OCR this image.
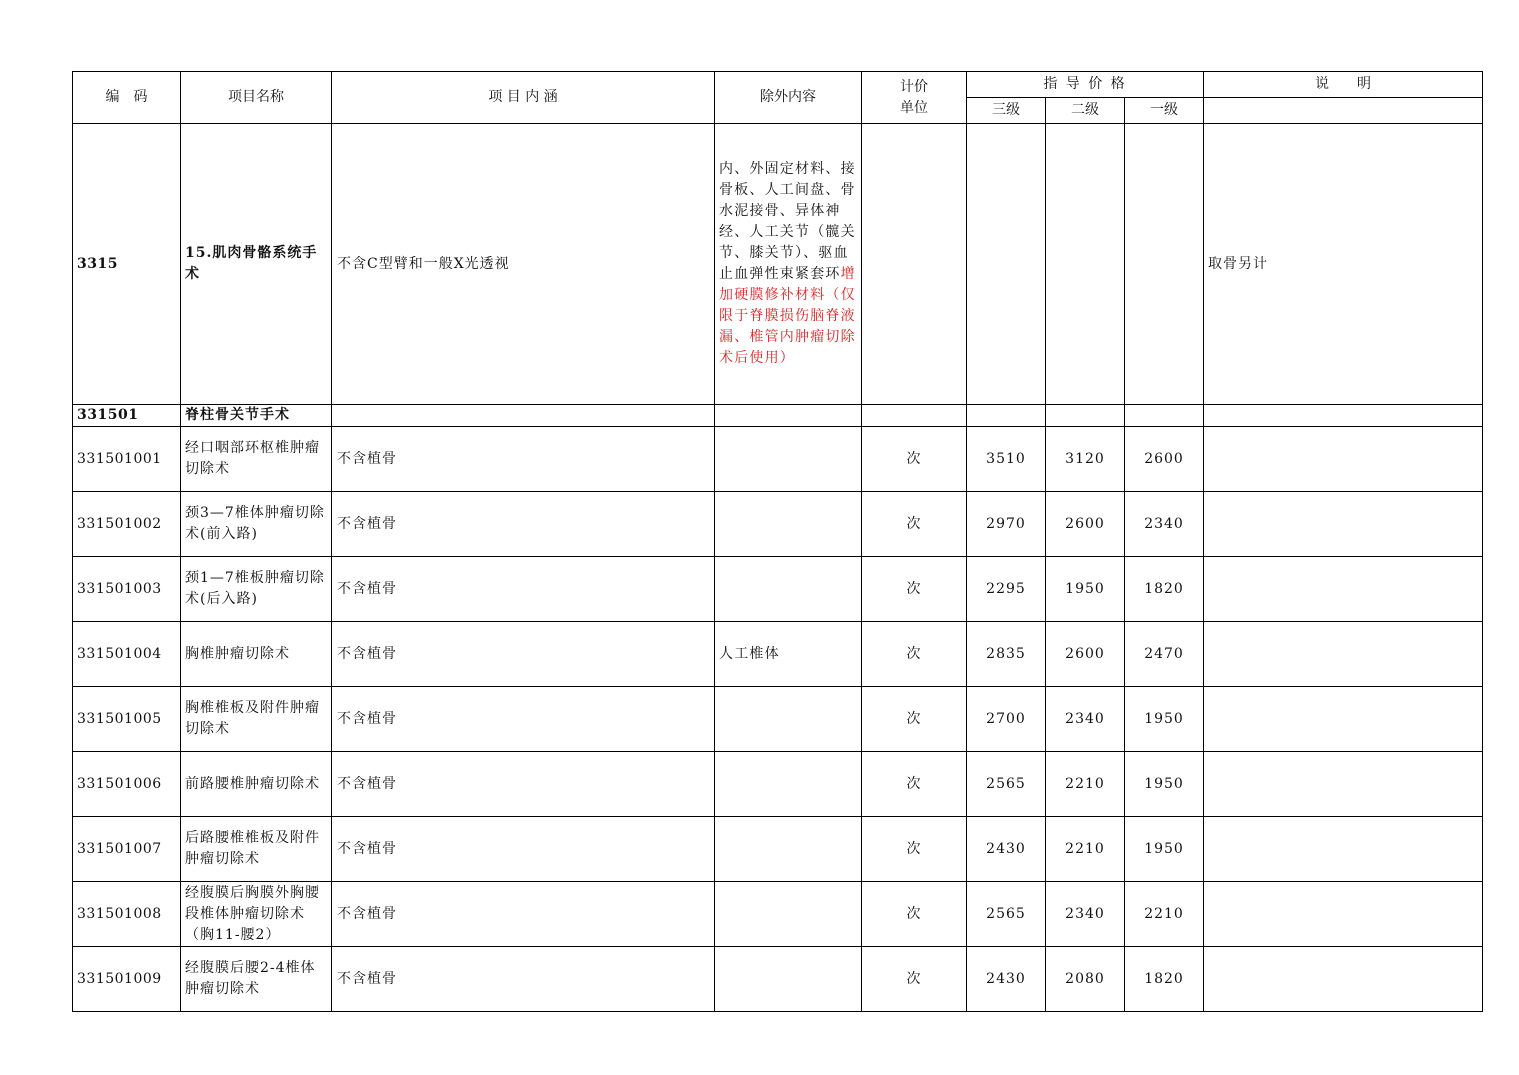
编　码	项目名称	项 目 内 涵	除外内容	计价
单位	指 导 价 格			说　　明
					三级	二级	一级	
3315	15.肌肉骨骼系统手术	不含C型臂和一般X光透视	内、外固定材料、接骨板、人工间盘、骨水泥接骨、异体神经、人工关节（髋关节、膝关节）、驱血止血弹性束紧套环增加硬膜修补材料（仅限于脊膜损伤脑脊液漏、椎管内肿瘤切除术后使用）					取骨另计
331501	脊柱骨关节手术							
331501001	经口咽部环枢椎肿瘤切除术	不含植骨		次	3510	3120	2600	
331501002	颈3—7椎体肿瘤切除术(前入路)	不含植骨		次	2970	2600	2340	
331501003	颈1—7椎板肿瘤切除术(后入路)	不含植骨		次	2295	1950	1820	
331501004	胸椎肿瘤切除术	不含植骨	人工椎体	次	2835	2600	2470	
331501005	胸椎椎板及附件肿瘤切除术	不含植骨		次	2700	2340	1950	
331501006	前路腰椎肿瘤切除术	不含植骨		次	2565	2210	1950	
331501007	后路腰椎椎板及附件肿瘤切除术	不含植骨		次	2430	2210	1950	
331501008	经腹膜后胸膜外胸腰段椎体肿瘤切除术（胸11-腰2）	不含植骨		次	2565	2340	2210	
331501009	经腹膜后腰2-4椎体肿瘤切除术	不含植骨		次	2430	2080	1820	
